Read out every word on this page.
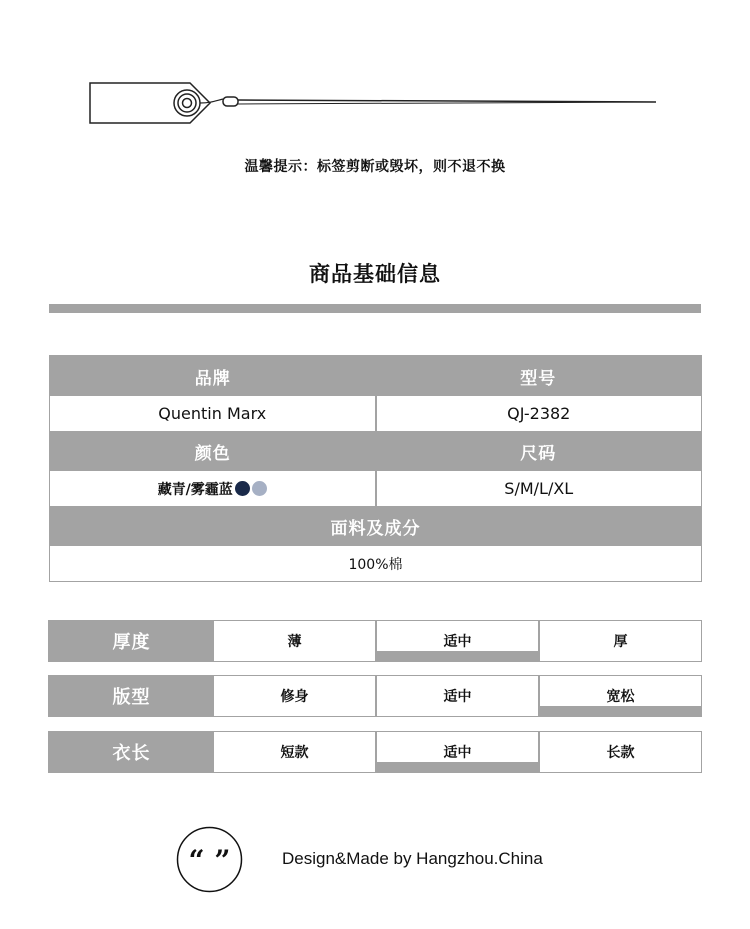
温馨提示：标签剪断或毁坏，则不退不换
商品基础信息
品牌	型号
Quentin Marx	QJ-2382
颜色	尺码
藏青/雾霾蓝	S/M/L/XL
面料及成分
100%棉
厚度	薄	适中	厚
版型	修身	适中	宽松
衣长	短款	适中	长款
“ ”	Design&Made by Hangzhou.China
